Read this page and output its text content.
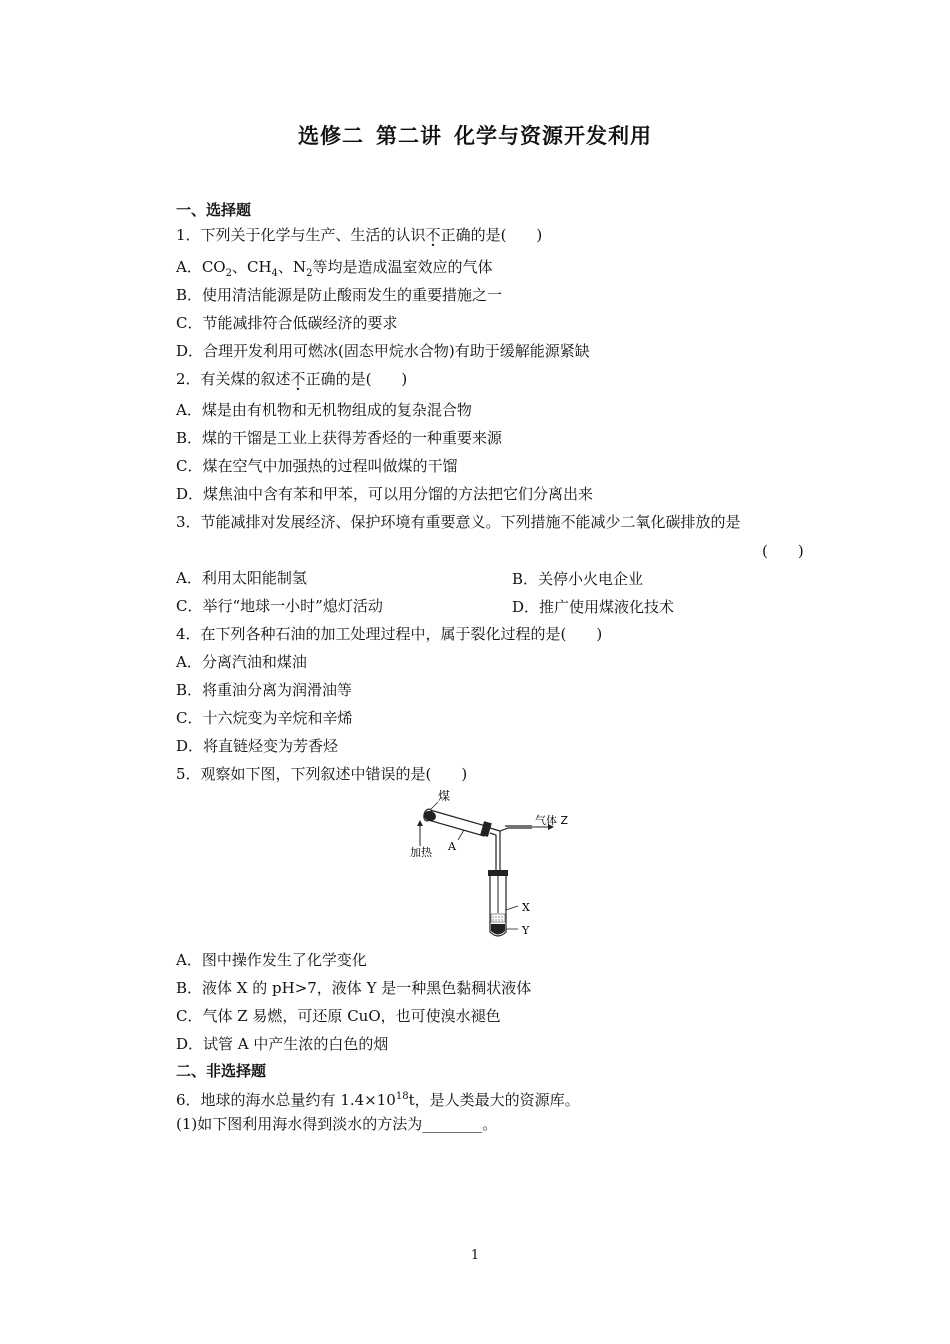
选修二 第二讲 化学与资源开发利用
一、选择题
1．下列关于化学与生产、生活的认识不正确的是(　　)
A．$CO_2$、$CH_4$、$N_2$等均是造成温室效应的气体
B．使用清洁能源是防止酸雨发生的重要措施之一
C．节能减排符合低碳经济的要求
D．合理开发利用可燃冰(固态甲烷水合物)有助于缓解能源紧缺
2．有关煤的叙述不正确的是(　　)
A．煤是由有机物和无机物组成的复杂混合物
B．煤的干馏是工业上获得芳香烃的一种重要来源
C．煤在空气中加强热的过程叫做煤的干馏
D．煤焦油中含有苯和甲苯，可以用分馏的方法把它们分离出来
3．节能减排对发展经济、保护环境有重要意义。下列措施不能减少二氧化碳排放的是
(　　)
A．利用太阳能制氢	B．关停小火电企业
C．举行“地球一小时”熄灯活动	D．推广使用煤液化技术
4．在下列各种石油的加工处理过程中，属于裂化过程的是(　　)
A．分离汽油和煤油
B．将重油分离为润滑油等
C．十六烷变为辛烷和辛烯
D．将直链烃变为芳香烃
5．观察如下图，下列叙述中错误的是(　　)
煤
气体 Z
加热 A
X
Y
A．图中操作发生了化学变化
B．液体 X 的 pH>7，液体 Y 是一种黑色黏稠状液体
C．气体 Z 易燃，可还原 CuO，也可使溴水褪色
D．试管 A 中产生浓的白色的烟
二、非选择题
6．地球的海水总量约有 $1.4\times 10^{18}t$，是人类最大的资源库。
(1)如下图利用海水得到淡水的方法为________。
1
